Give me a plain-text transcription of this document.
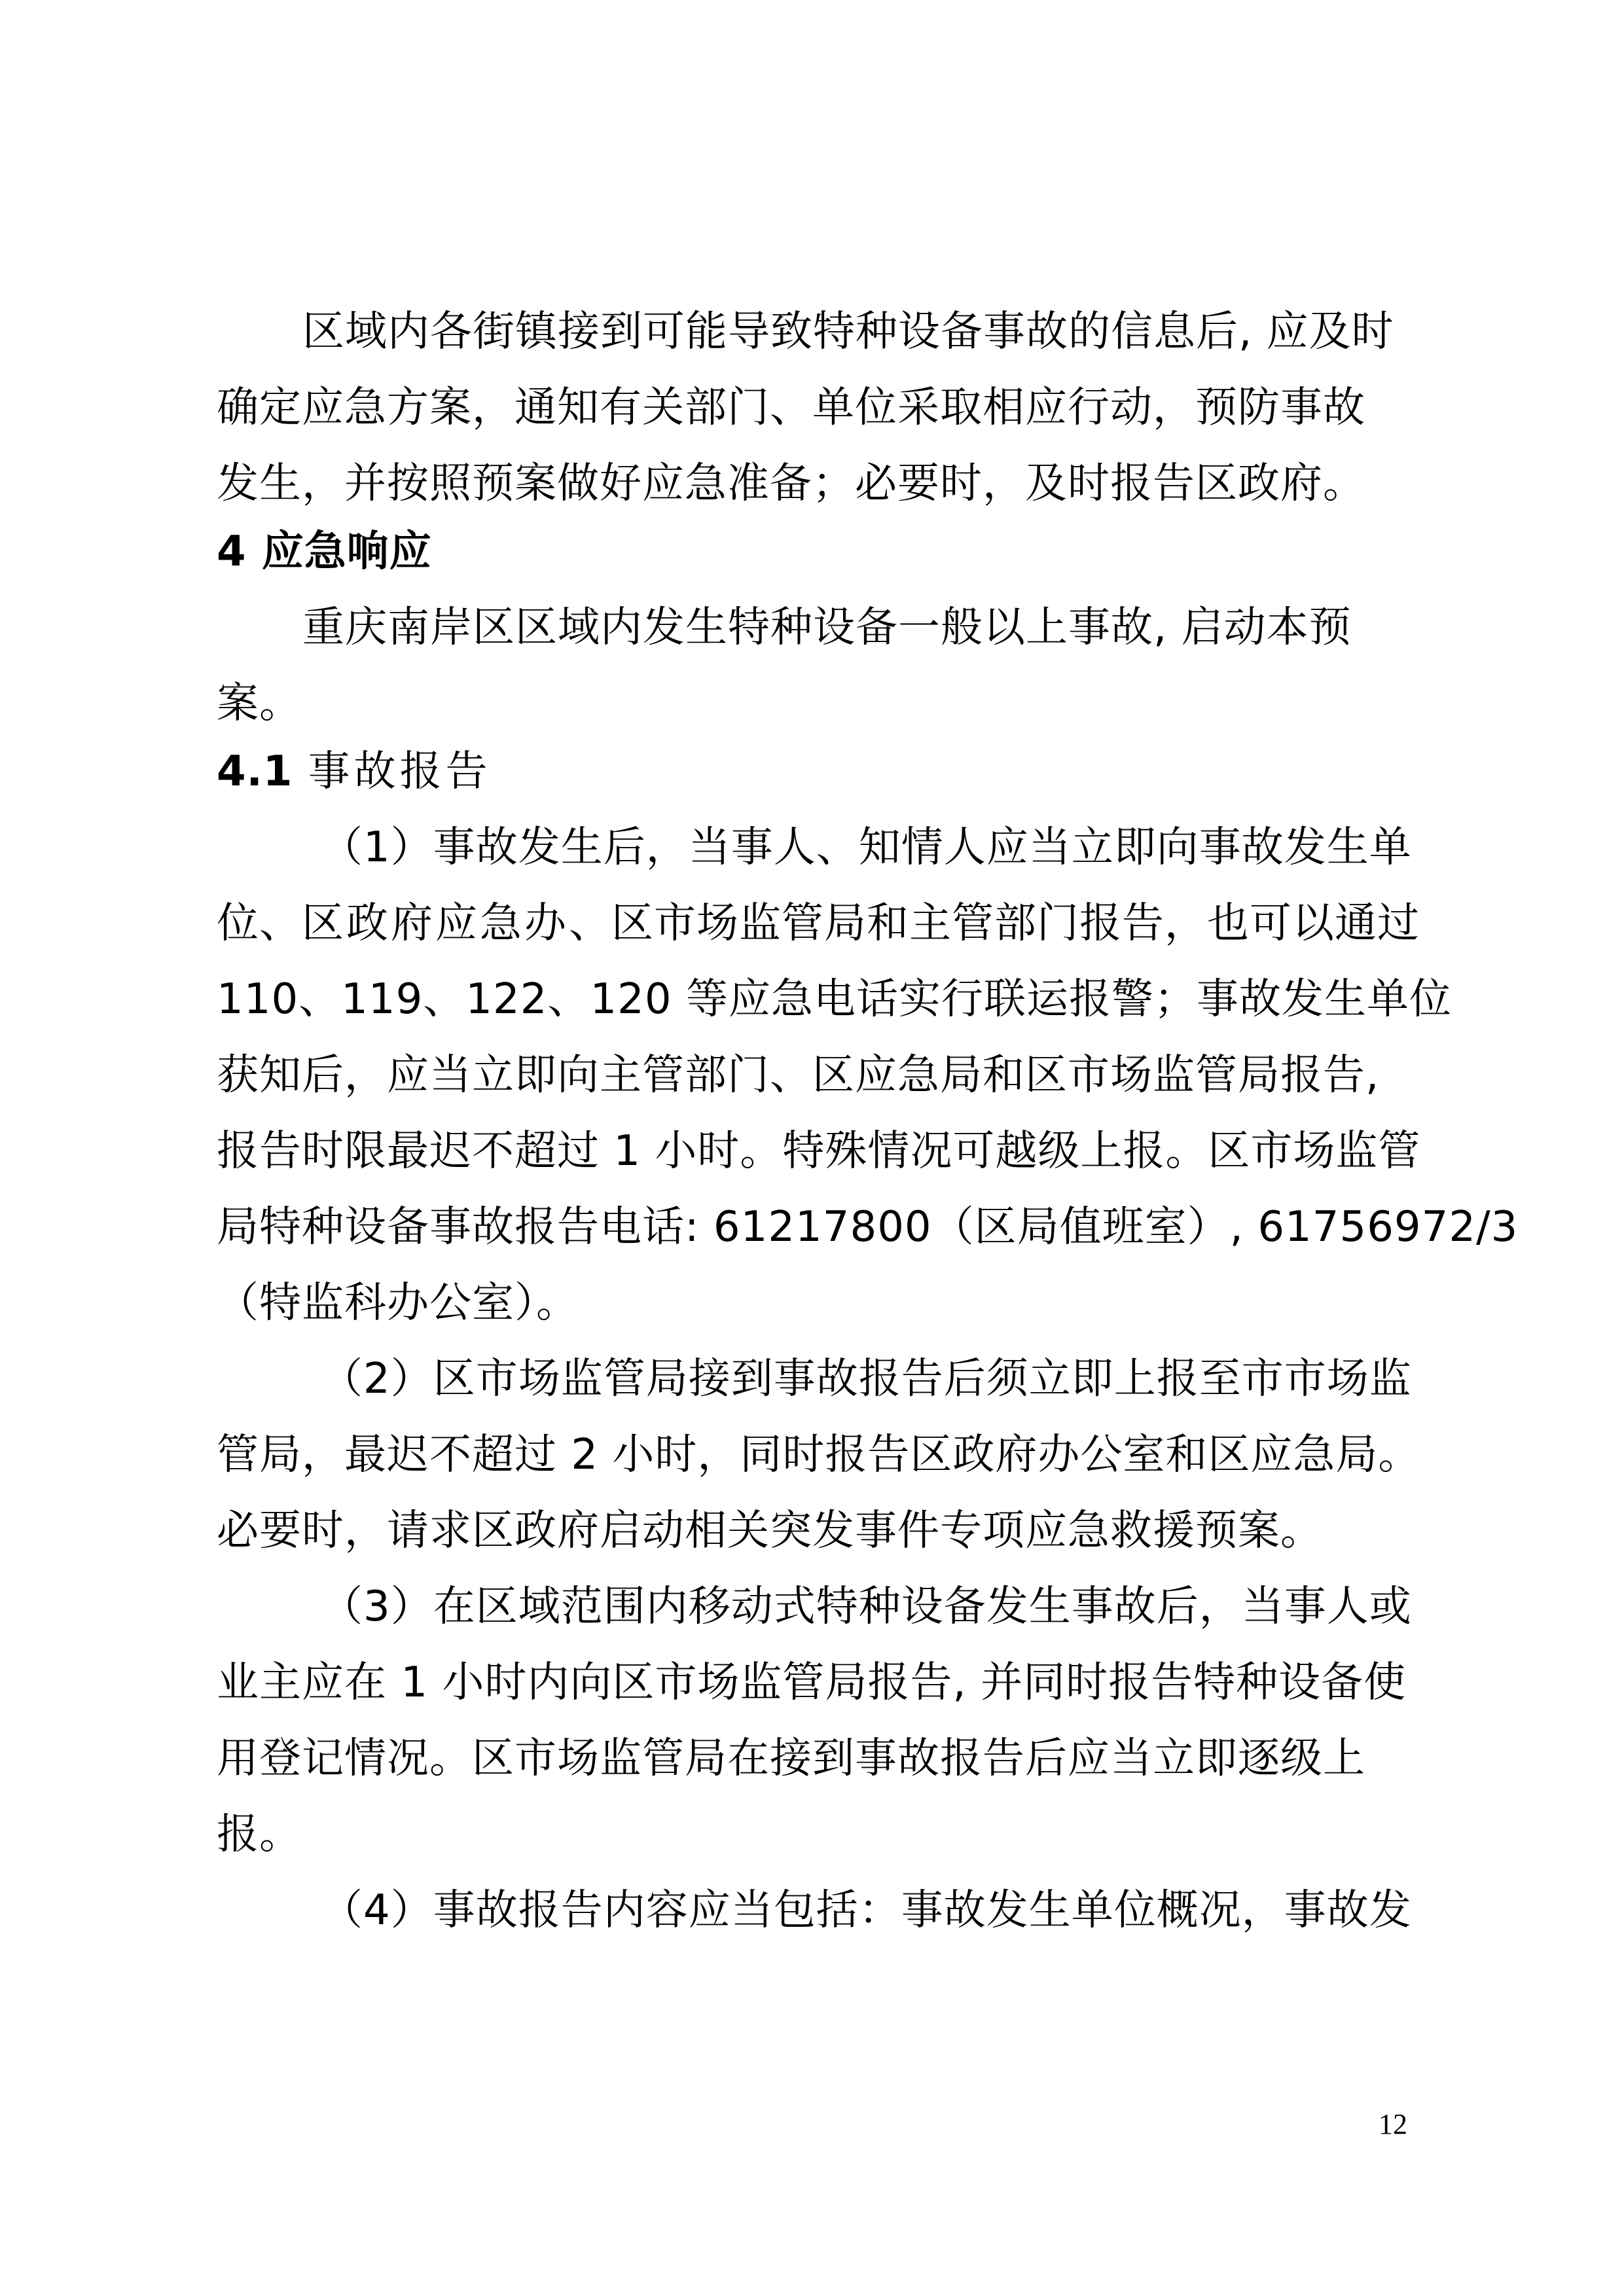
区域内各街镇接到可能导致特种设备事故的信息后, 应及时
确定应急方案，通知有关部门、单位采取相应行动，预防事故
发生，并按照预案做好应急准备；必要时，及时报告区政府。
4 应急响应
重庆南岸区区域内发生特种设备一般以上事故, 启动本预
案。
4.1 事故报告
（1）事故发生后，当事人、知情人应当立即向事故发生单
位、区政府应急办、区市场监管局和主管部门报告，也可以通过
110、119、122、120 等应急电话实行联运报警；事故发生单位
获知后，应当立即向主管部门、区应急局和区市场监管局报告,
报告时限最迟不超过 1 小时。特殊情况可越级上报。区市场监管
局特种设备事故报告电话: 61217800（区局值班室）, 61756972/3
（特监科办公室）。
（2）区市场监管局接到事故报告后须立即上报至市市场监
管局，最迟不超过 2 小时，同时报告区政府办公室和区应急局。
必要时，请求区政府启动相关突发事件专项应急救援预案。
（3）在区域范围内移动式特种设备发生事故后，当事人或
业主应在 1 小时内向区市场监管局报告, 并同时报告特种设备使
用登记情况。区市场监管局在接到事故报告后应当立即逐级上
报。
（4）事故报告内容应当包括：事故发生单位概况，事故发
12
